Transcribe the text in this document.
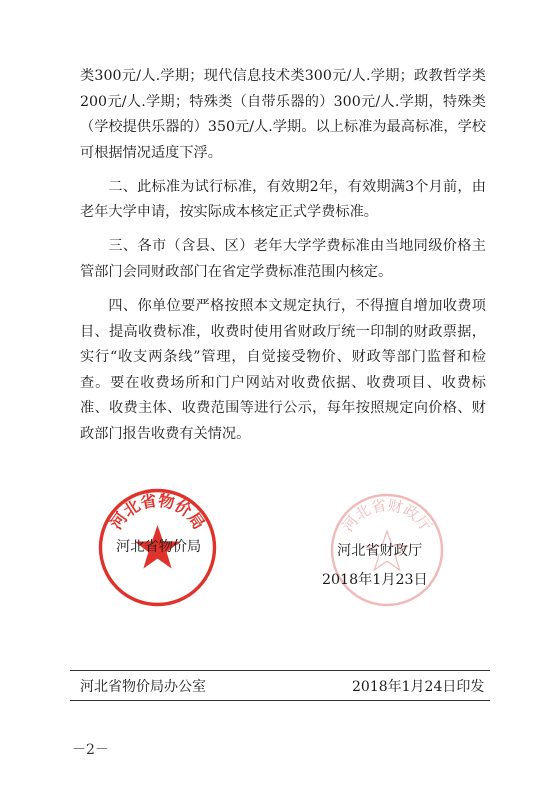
类300元/人.学期；现代信息技术类300元/人.学期；政教哲学类200元/人.学期；特殊类（自带乐器的）300元/人.学期，特殊类（学校提供乐器的）350元/人.学期。以上标准为最高标准，学校可根据情况适度下浮。

二、此标准为试行标准，有效期2年，有效期满3个月前，由老年大学申请，按实际成本核定正式学费标准。

三、各市（含县、区）老年大学学费标准由当地同级价格主管部门会同财政部门在省定学费标准范围内核定。

四、你单位要严格按照本文规定执行，不得擅自增加收费项目、提高收费标准，收费时使用省财政厅统一印制的财政票据，实行“收支两条线”管理，自觉接受物价、财政等部门监督和检查。要在收费场所和门户网站对收费依据、收费项目、收费标准、收费主体、收费范围等进行公示，每年按照规定向价格、财政部门报告收费有关情况。

河北省物价局	河北省财政厅
河北省物价局	河北省财政厅
2018年1月23日
河北省物价局办公室	2018年1月24日印发
－2－
